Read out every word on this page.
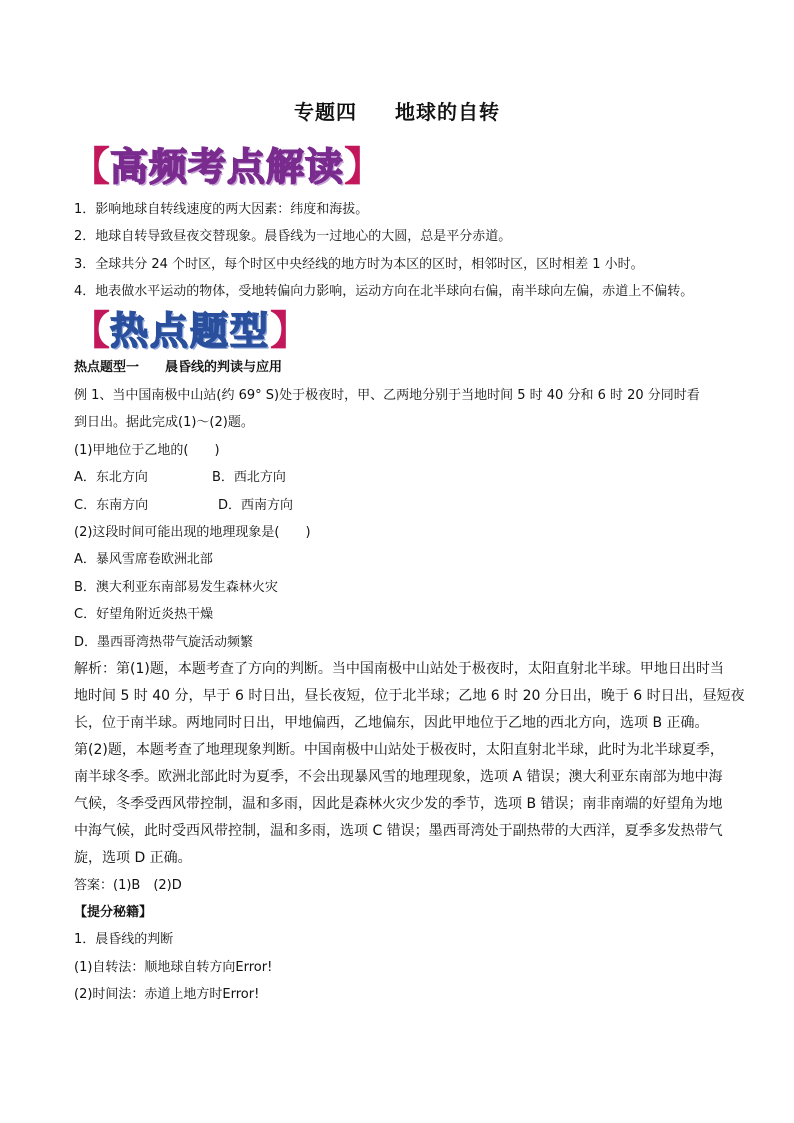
专题四 地球的自转
【 高频考点解读 】
1．影响地球自转线速度的两大因素：纬度和海拔。
2．地球自转导致昼夜交替现象。晨昏线为一过地心的大圆，总是平分赤道。
3．全球共分 24 个时区，每个时区中央经线的地方时为本区的区时，相邻时区，区时相差 1 小时。
4．地表做水平运动的物体，受地转偏向力影响，运动方向在北半球向右偏，南半球向左偏，赤道上不偏转。
【 热点题型 】
热点题型一　　晨昏线的判读与应用
例 1、当中国南极中山站(约 69° S)处于极夜时，甲、乙两地分别于当地时间 5 时 40 分和 6 时 20 分同时看
到日出。据此完成(1)～(2)题。
(1)甲地位于乙地的(　　)
A．东北方向	B．西北方向
C．东南方向	D．西南方向
(2)这段时间可能出现的地理现象是(　　)
A．暴风雪席卷欧洲北部
B．澳大利亚东南部易发生森林火灾
C．好望角附近炎热干燥
D．墨西哥湾热带气旋活动频繁
解析：第(1)题，本题考查了方向的判断。当中国南极中山站处于极夜时，太阳直射北半球。甲地日出时当
地时间 5 时 40 分，早于 6 时日出，昼长夜短，位于北半球；乙地 6 时 20 分日出，晚于 6 时日出，昼短夜
长，位于南半球。两地同时日出，甲地偏西，乙地偏东，因此甲地位于乙地的西北方向，选项 B 正确。
第(2)题，本题考查了地理现象判断。中国南极中山站处于极夜时，太阳直射北半球，此时为北半球夏季，
南半球冬季。欧洲北部此时为夏季，不会出现暴风雪的地理现象，选项 A 错误；澳大利亚东南部为地中海
气候，冬季受西风带控制，温和多雨，因此是森林火灾少发的季节，选项 B 错误；南非南端的好望角为地
中海气候，此时受西风带控制，温和多雨，选项 C 错误；墨西哥湾处于副热带的大西洋，夏季多发热带气
旋，选项 D 正确。
答案：(1)B　(2)D
【提分秘籍】
1．晨昏线的判断
(1)自转法：顺地球自转方向Error!
(2)时间法：赤道上地方时Error!
